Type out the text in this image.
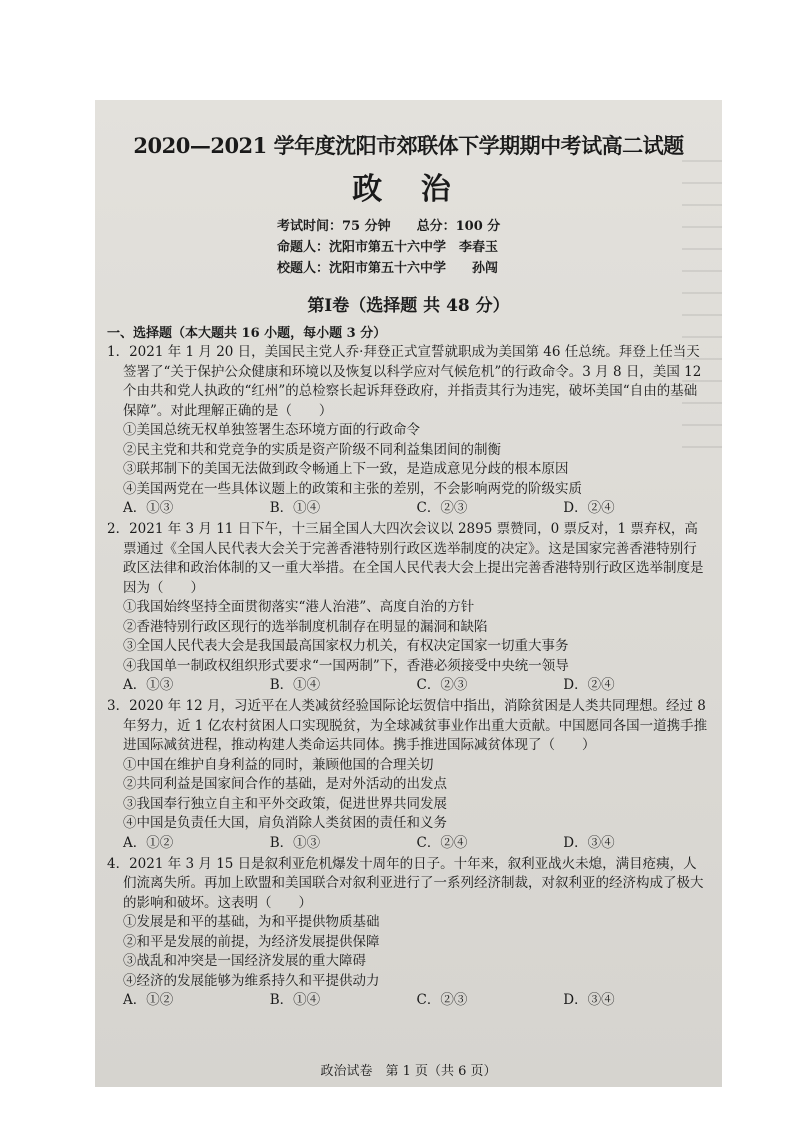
2020—2021 学年度沈阳市郊联体下学期期中考试高二试题
政 治
考试时间：75 分钟　　总分：100 分
命题人：沈阳市第五十六中学　李春玉
校题人：沈阳市第五十六中学　　孙闯
第Ⅰ卷（选择题 共 48 分）
一、选择题（本大题共 16 小题，每小题 3 分）

1．2021 年 1 月 20 日，美国民主党人乔·拜登正式宣誓就职成为美国第 46 任总统。拜登上任当天签署了“关于保护公众健康和环境以及恢复以科学应对气候危机”的行政命令。3 月 8 日，美国 12 个由共和党人执政的“红州”的总检察长起诉拜登政府，并指责其行为违宪，破坏美国“自由的基础保障”。对此理解正确的是（　　）

①美国总统无权单独签署生态环境方面的行政命令

②民主党和共和党竞争的实质是资产阶级不同利益集团间的制衡

③联邦制下的美国无法做到政令畅通上下一致，是造成意见分歧的根本原因

④美国两党在一些具体议题上的政策和主张的差别，不会影响两党的阶级实质

A．①③	B．①④	C．②③	D．②④

2．2021 年 3 月 11 日下午，十三届全国人大四次会议以 2895 票赞同，0 票反对，1 票弃权，高票通过《全国人民代表大会关于完善香港特别行政区选举制度的决定》。这是国家完善香港特别行政区法律和政治体制的又一重大举措。在全国人民代表大会上提出完善香港特别行政区选举制度是因为（　　）

①我国始终坚持全面贯彻落实“港人治港”、高度自治的方针

②香港特别行政区现行的选举制度机制存在明显的漏洞和缺陷

③全国人民代表大会是我国最高国家权力机关，有权决定国家一切重大事务

④我国单一制政权组织形式要求“一国两制”下，香港必须接受中央统一领导

A．①③	B．①④	C．②③	D．②④

3．2020 年 12 月，习近平在人类减贫经验国际论坛贺信中指出，消除贫困是人类共同理想。经过 8 年努力，近 1 亿农村贫困人口实现脱贫，为全球减贫事业作出重大贡献。中国愿同各国一道携手推进国际减贫进程，推动构建人类命运共同体。携手推进国际减贫体现了（　　）

①中国在维护自身利益的同时，兼顾他国的合理关切

②共同利益是国家间合作的基础，是对外活动的出发点

③我国奉行独立自主和平外交政策，促进世界共同发展

④中国是负责任大国，肩负消除人类贫困的责任和义务

A．①②	B．①③	C．②④	D．③④

4．2021 年 3 月 15 日是叙利亚危机爆发十周年的日子。十年来，叙利亚战火未熄，满目疮痍，人们流离失所。再加上欧盟和美国联合对叙利亚进行了一系列经济制裁，对叙利亚的经济构成了极大的影响和破坏。这表明（　　）

①发展是和平的基础，为和平提供物质基础

②和平是发展的前提，为经济发展提供保障

③战乱和冲突是一国经济发展的重大障碍

④经济的发展能够为维系持久和平提供动力

A．①②	B．①④	C．②③	D．③④
政治试卷　第 1 页（共 6 页）
